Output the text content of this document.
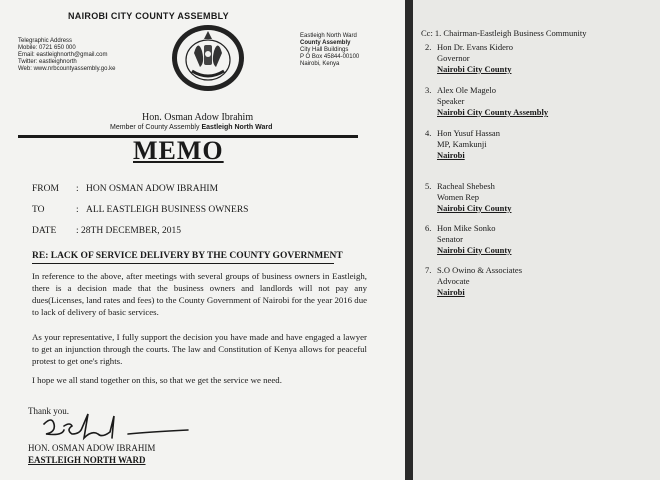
NAIROBI CITY COUNTY ASSEMBLY
Telegraphic Address
Mobile: 0721 650 000
Email: eastleighnorth@gmail.com
Twitter: eastleighnorth
Web: www.nrbcountyassembly.go.ke
Eastleigh North Ward
County Assembly
City Hall Buildings
P O Box 45844-00100
Nairobi, Kenya
Hon. Osman Adow Ibrahim
Member of County Assembly Eastleigh North Ward
MEMO
FROM : HON OSMAN ADOW IBRAHIM
TO	: ALL EASTLEIGH BUSINESS OWNERS
DATE : 28TH DECEMBER, 2015
RE: LACK OF SERVICE DELIVERY BY THE COUNTY GOVERNMENT
In reference to the above, after meetings with several groups of business owners in Eastleigh, there is a decision made that the business owners and landlords will not pay any dues(Licenses, land rates and fees) to the County Government of Nairobi for the year 2016 due to lack of delivery of basic services.
As your representative, I fully support the decision you have made and have engaged a lawyer to get an injunction through the courts. The law and Constitution of Kenya allows for peaceful protest to get one's rights.
I hope we all stand together on this, so that we get the service we need.
Thank you.
HON. OSMAN ADOW IBRAHIM
EASTLEIGH NORTH WARD
Cc: 1. Chairman-Eastleigh Business Community
2. Hon Dr. Evans Kidero
Governor
Nairobi City County
3. Alex Ole Magelo
Speaker
Nairobi City County Assembly
4. Hon Yusuf Hassan
MP, Kamkunji
Nairobi
5. Racheal Shebesh
Women Rep
Nairobi City County
6. Hon Mike Sonko
Senator
Nairobi City County
7. S.O Owino & Associates
Advocate
Nairobi
